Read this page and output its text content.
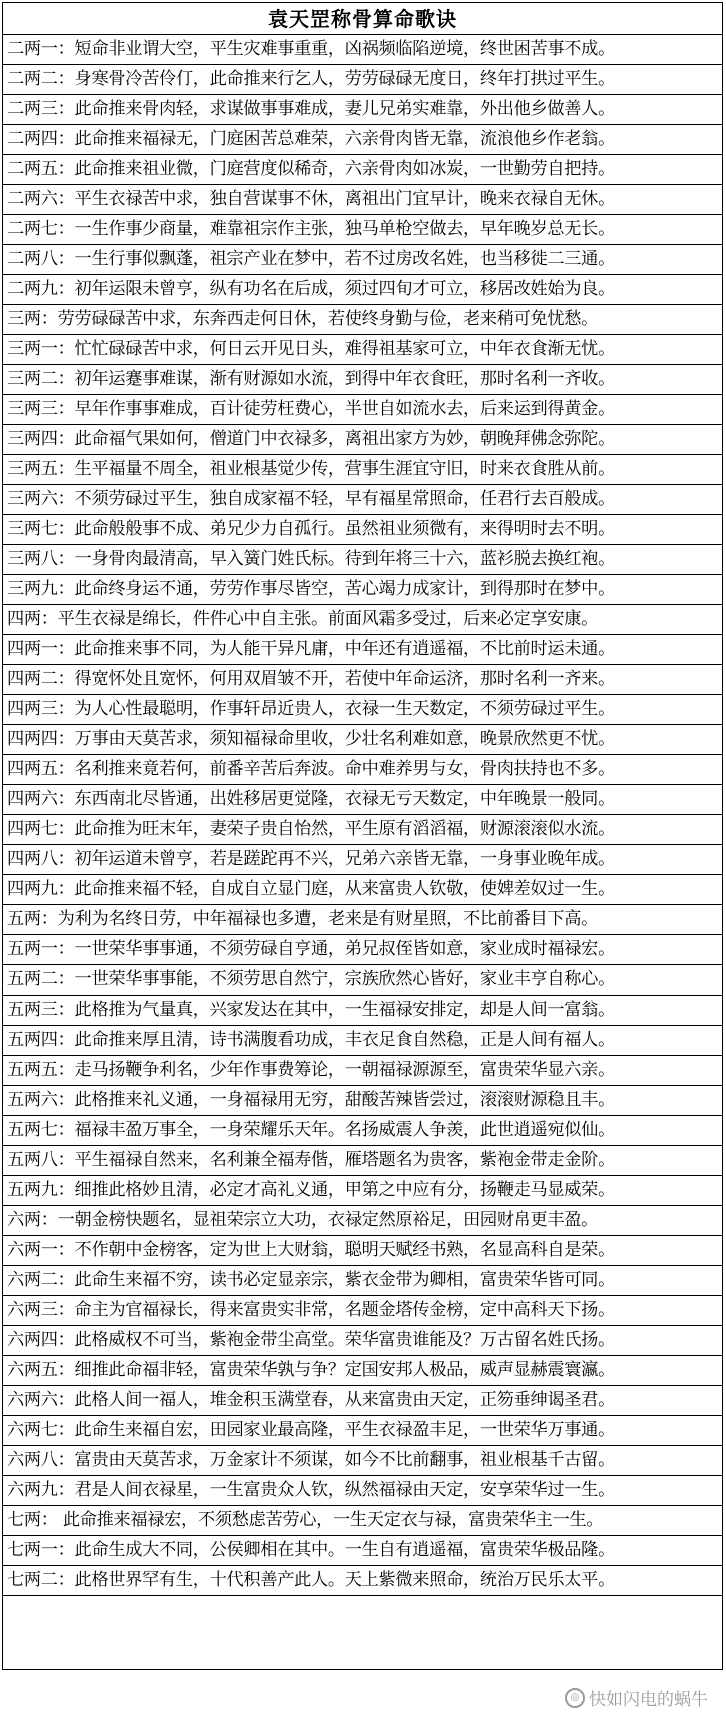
袁天罡称骨算命歌诀
二两一：短命非业谓大空，平生灾难事重重，凶祸频临陷逆境，终世困苦事不成。
二两二：身寒骨冷苦伶仃，此命推来行乞人，劳劳碌碌无度日，终年打拱过平生。
二两三：此命推来骨肉轻，求谋做事事难成，妻儿兄弟实难靠，外出他乡做善人。
二两四：此命推来福禄无，门庭困苦总难荣，六亲骨肉皆无靠，流浪他乡作老翁。
二两五：此命推来祖业微，门庭营度似稀奇，六亲骨肉如冰炭，一世勤劳自把持。
二两六：平生衣禄苦中求，独自营谋事不休，离祖出门宜早计，晚来衣禄自无休。
二两七：一生作事少商量，难靠祖宗作主张，独马单枪空做去，早年晚岁总无长。
二两八：一生行事似飘蓬，祖宗产业在梦中，若不过房改名姓，也当移徙二三通。
二两九：初年运限未曾亨，纵有功名在后成，须过四旬才可立，移居改姓始为良。
三两：劳劳碌碌苦中求，东奔西走何日休，若使终身勤与俭，老来稍可免忧愁。
三两一：忙忙碌碌苦中求，何日云开见日头，难得祖基家可立，中年衣食渐无忧。
三两二：初年运蹇事难谋，渐有财源如水流，到得中年衣食旺，那时名利一齐收。
三两三：早年作事事难成，百计徒劳枉费心，半世自如流水去，后来运到得黄金。
三两四：此命福气果如何，僧道门中衣禄多，离祖出家方为妙，朝晚拜佛念弥陀。
三两五：生平福量不周全，祖业根基觉少传，营事生涯宜守旧，时来衣食胜从前。
三两六：不须劳碌过平生，独自成家福不轻，早有福星常照命，任君行去百般成。
三两七：此命般般事不成、弟兄少力自孤行。虽然祖业须微有，来得明时去不明。
三两八：一身骨肉最清高，早入簧门姓氏标。待到年将三十六，蓝衫脱去换红袍。
三两九：此命终身运不通，劳劳作事尽皆空，苦心竭力成家计，到得那时在梦中。
四两：平生衣禄是绵长，件件心中自主张。前面风霜多受过，后来必定享安康。
四两一：此命推来事不同，为人能干异凡庸，中年还有逍遥福，不比前时运未通。
四两二：得宽怀处且宽怀，何用双眉皱不开，若使中年命运济，那时名利一齐来。
四两三：为人心性最聪明，作事轩昂近贵人，衣禄一生天数定，不须劳碌过平生。
四两四：万事由天莫苦求，须知福禄命里收，少壮名利难如意，晚景欣然更不忧。
四两五：名利推来竟若何，前番辛苦后奔波。命中难养男与女，骨肉扶持也不多。
四两六：东西南北尽皆通，出姓移居更觉隆，衣禄无亏天数定，中年晚景一般同。
四两七：此命推为旺末年，妻荣子贵自怡然，平生原有滔滔福，财源滚滚似水流。
四两八：初年运道未曾亨，若是蹉跎再不兴，兄弟六亲皆无靠，一身事业晚年成。
四两九：此命推来福不轻，自成自立显门庭，从来富贵人钦敬，使婢差奴过一生。
五两：为利为名终日劳，中年福禄也多遭，老来是有财星照，不比前番目下高。
五两一：一世荣华事事通，不须劳碌自亨通，弟兄叔侄皆如意，家业成时福禄宏。
五两二：一世荣华事事能，不须劳思自然宁，宗族欣然心皆好，家业丰亨自称心。
五两三：此格推为气量真，兴家发达在其中，一生福禄安排定，却是人间一富翁。
五两四：此命推来厚且清，诗书满腹看功成，丰衣足食自然稳，正是人间有福人。
五两五：走马扬鞭争利名，少年作事费筹论，一朝福禄源源至，富贵荣华显六亲。
五两六：此格推来礼义通，一身福禄用无穷，甜酸苦辣皆尝过，滚滚财源稳且丰。
五两七：福禄丰盈万事全，一身荣耀乐天年。名扬威震人争羡，此世逍遥宛似仙。
五两八：平生福禄自然来，名利兼全福寿偕，雁塔题名为贵客，紫袍金带走金阶。
五两九：细推此格妙且清，必定才高礼义通，甲第之中应有分，扬鞭走马显威荣。
六两：一朝金榜快题名，显祖荣宗立大功，衣禄定然原裕足，田园财帛更丰盈。
六两一：不作朝中金榜客，定为世上大财翁，聪明天赋经书熟，名显高科自是荣。
六两二：此命生来福不穷，读书必定显亲宗，紫衣金带为卿相，富贵荣华皆可同。
六两三：命主为官福禄长，得来富贵实非常，名题金塔传金榜，定中高科天下扬。
六两四：此格威权不可当，紫袍金带尘高堂。荣华富贵谁能及？万古留名姓氏扬。
六两五：细推此命福非轻，富贵荣华孰与争？定国安邦人极品，威声显赫震寰瀛。
六两六：此格人间一福人，堆金积玉满堂春，从来富贵由天定，正笏垂绅谒圣君。
六两七：此命生来福自宏，田园家业最高隆，平生衣禄盈丰足，一世荣华万事通。
六两八：富贵由天莫苦求，万金家计不须谋，如今不比前翻事，祖业根基千古留。
六两九：君是人间衣禄星，一生富贵众人钦，纵然福禄由天定，安享荣华过一生。
七两： 此命推来福禄宏，不须愁虑苦劳心，一生天定衣与禄，富贵荣华主一生。
七两一：此命生成大不同，公侯卿相在其中。一生自有逍遥福，富贵荣华极品隆。
七两二：此格世界罕有生，十代积善产此人。天上紫微来照命，统治万民乐太平。
◎ 快如闪电的蜗牛
